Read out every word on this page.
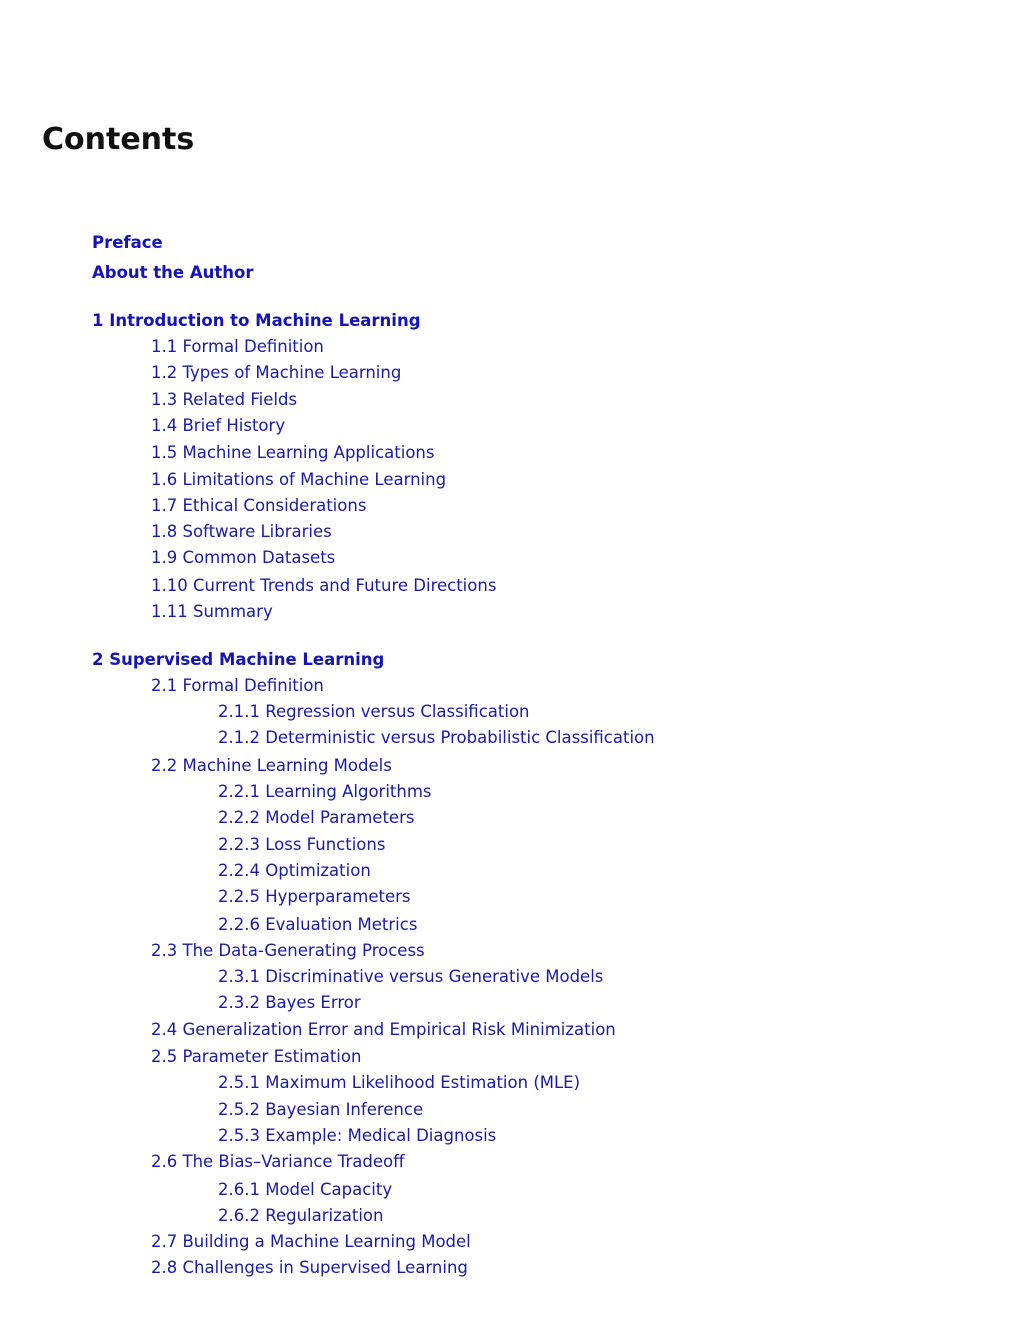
Contents
Preface
About the Author
1 Introduction to Machine Learning
1.1 Formal Definition
1.2 Types of Machine Learning
1.3 Related Fields
1.4 Brief History
1.5 Machine Learning Applications
1.6 Limitations of Machine Learning
1.7 Ethical Considerations
1.8 Software Libraries
1.9 Common Datasets
1.10 Current Trends and Future Directions
1.11 Summary
2 Supervised Machine Learning
2.1 Formal Definition
2.1.1 Regression versus Classification
2.1.2 Deterministic versus Probabilistic Classification
2.2 Machine Learning Models
2.2.1 Learning Algorithms
2.2.2 Model Parameters
2.2.3 Loss Functions
2.2.4 Optimization
2.2.5 Hyperparameters
2.2.6 Evaluation Metrics
2.3 The Data-Generating Process
2.3.1 Discriminative versus Generative Models
2.3.2 Bayes Error
2.4 Generalization Error and Empirical Risk Minimization
2.5 Parameter Estimation
2.5.1 Maximum Likelihood Estimation (MLE)
2.5.2 Bayesian Inference
2.5.3 Example: Medical Diagnosis
2.6 The Bias–Variance Tradeoff
2.6.1 Model Capacity
2.6.2 Regularization
2.7 Building a Machine Learning Model
2.8 Challenges in Supervised Learning
